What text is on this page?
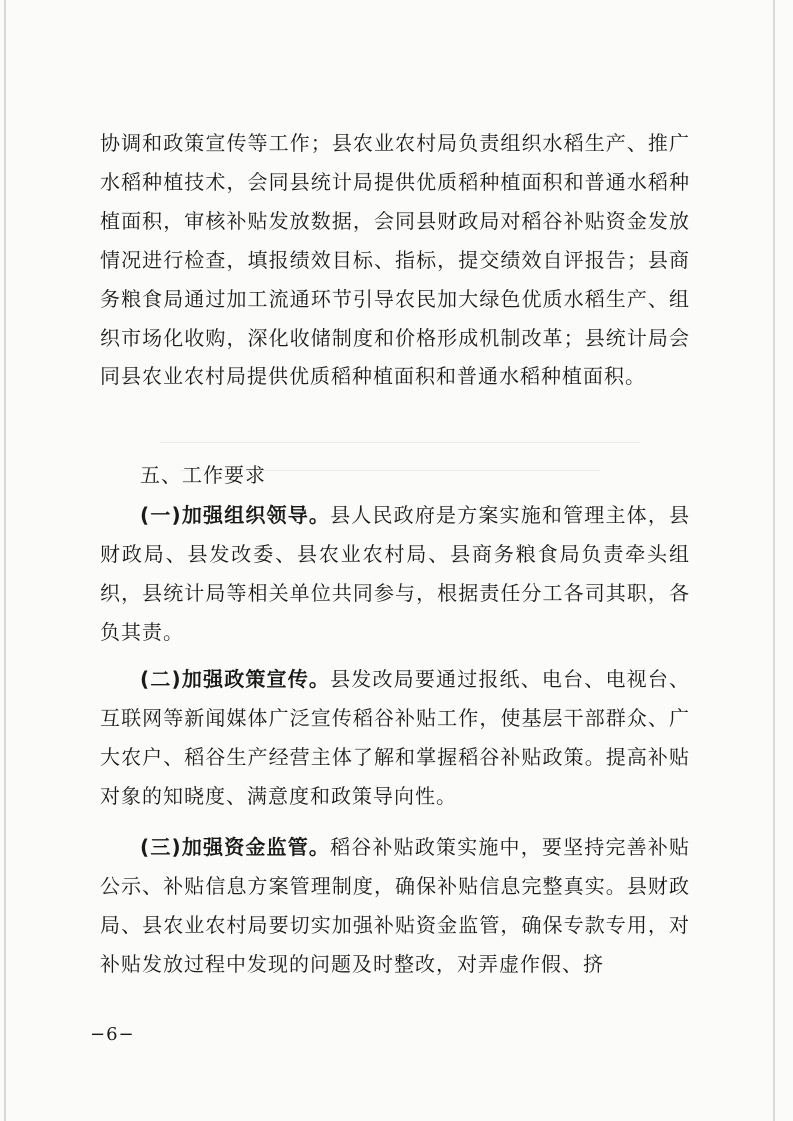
协调和政策宣传等工作；县农业农村局负责组织水稻生产、推广水稻种植技术，会同县统计局提供优质稻种植面积和普通水稻种植面积，审核补贴发放数据，会同县财政局对稻谷补贴资金发放情况进行检查，填报绩效目标、指标，提交绩效自评报告；县商务粮食局通过加工流通环节引导农民加大绿色优质水稻生产、组织市场化收购，深化收储制度和价格形成机制改革；县统计局会同县农业农村局提供优质稻种植面积和普通水稻种植面积。

五、工作要求

(一)加强组织领导。县人民政府是方案实施和管理主体，县财政局、县发改委、县农业农村局、县商务粮食局负责牵头组织，县统计局等相关单位共同参与，根据责任分工各司其职，各负其责。

(二)加强政策宣传。县发改局要通过报纸、电台、电视台、互联网等新闻媒体广泛宣传稻谷补贴工作，使基层干部群众、广大农户、稻谷生产经营主体了解和掌握稻谷补贴政策。提高补贴对象的知晓度、满意度和政策导向性。

(三)加强资金监管。稻谷补贴政策实施中，要坚持完善补贴公示、补贴信息方案管理制度，确保补贴信息完整真实。县财政局、县农业农村局要切实加强补贴资金监管，确保专款专用，对补贴发放过程中发现的问题及时整改，对弄虚作假、挤

−6−
